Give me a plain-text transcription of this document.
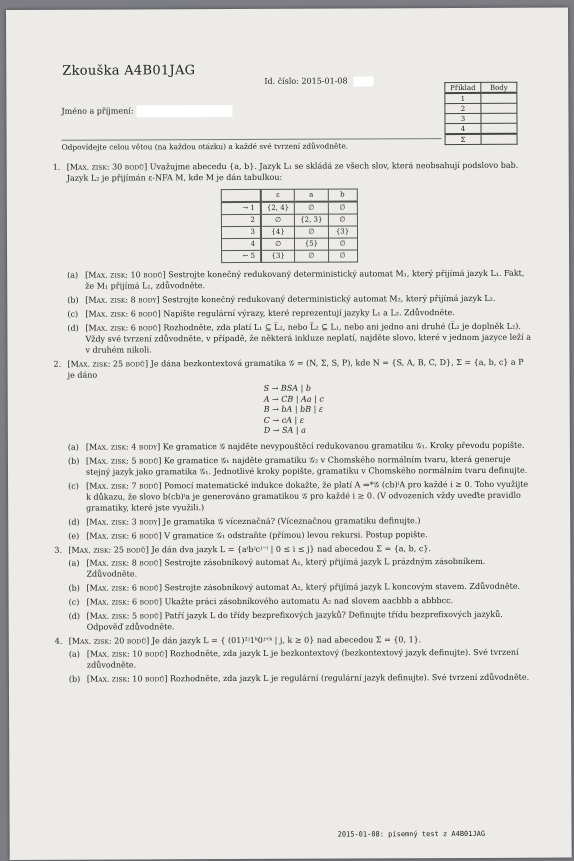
Zkouška A4B01JAG
Id. číslo: 2015-01-08
Jméno a příjmení:
Odpovídejte celou větou (na každou otázku) a každé své tvrzení zdůvodněte.
Příklad	Body
1	
2	
3	
4	
Σ	
1. [Max. zisk: 30 bodů] Uvažujme abecedu {a, b}. Jazyk L₁ se skládá ze všech slov, která neobsahují podslovo bab. Jazyk L₂ je přijímán ε-NFA M, kde M je dán tabulkou:
	ε	a	b
→ 1	{2, 4}	∅	∅
2	∅	{2, 3}	∅
3	{4}	∅	{3}
4	∅	{5}	∅
← 5	{3}	∅	∅
(a) [Max. zisk: 10 bodů] Sestrojte konečný redukovaný deterministický automat M₁, který přijímá jazyk L₁. Fakt, že M₁ přijímá L₁, zdůvodněte.
(b) [Max. zisk: 8 body] Sestrojte konečný redukovaný deterministický automat M₂, který přijímá jazyk L₂.
(c) [Max. zisk: 6 bodů] Napište regulární výrazy, které reprezentují jazyky L₁ a L₂. Zdůvodněte.
(d) [Max. zisk: 6 bodů] Rozhodněte, zda platí L₁ ⊆ L̅₂, nebo L̅₂ ⊆ L₁, nebo ani jedno ani druhé (L̅₂ je doplněk L₂). Vždy své tvrzení zdůvodněte, v případě, že některá inkluze neplatí, najděte slovo, které v jednom jazyce leží a v druhém nikoli.
2. [Max. zisk: 25 bodů] Je dána bezkontextová gramatika 𝒢 = (N, Σ, S, P), kde N = {S, A, B, C, D}, Σ = {a, b, c} a P je dáno
S → BSA | b
A → CB | Aa | c
B → bA | bB | ε
C → cA | ε
D → SA | a
(a) [Max. zisk: 4 body] Ke gramatice 𝒢 najděte nevypouštěcí redukovanou gramatiku 𝒢₁. Kroky převodu popište.
(b) [Max. zisk: 5 bodů] Ke gramatice 𝒢₁ najděte gramatiku 𝒢₂ v Chomského normálním tvaru, která generuje stejný jazyk jako gramatika 𝒢₁. Jednotlivé kroky popište, gramatiku v Chomského normálním tvaru definujte.
(c) [Max. zisk: 7 bodů] Pomocí matematické indukce dokažte, že platí A ⇒*𝒢 (cb)ⁱA pro každé i ≥ 0. Toho využijte k důkazu, že slovo b(cb)ⁱa je generováno gramatikou 𝒢 pro každé i ≥ 0. (V odvozeních vždy uveďte pravidlo gramatiky, které jste využili.)
(d) [Max. zisk: 3 body] Je gramatika 𝒢 víceznačná? (Víceznačnou gramatiku definujte.)
(e) [Max. zisk: 6 bodů] V gramatice 𝒢₁ odstraňte (přímou) levou rekursi. Postup popište.
3. [Max. zisk: 25 bodů] Je dán dva jazyk L = {aⁱbʲcʲ⁻ⁱ | 0 ≤ i ≤ j} nad abecedou Σ = {a, b, c}.
(a) [Max. zisk: 8 bodů] Sestrojte zásobníkový automat A₁, který přijímá jazyk L prázdným zásobníkem. Zdůvodněte.
(b) [Max. zisk: 6 bodů] Sestrojte zásobníkový automat A₂, který přijímá jazyk L koncovým stavem. Zdůvodněte.
(c) [Max. zisk: 6 bodů] Ukažte práci zásobníkového automatu A₂ nad slovem aacbbb a abbbcc.
(d) [Max. zisk: 5 bodů] Patří jazyk L do třídy bezprefixových jazyků? Definujte třídu bezprefixových jazyků. Odpověď zdůvodněte.
4. [Max. zisk: 20 bodů] Je dán jazyk L = { (01)²ʲ1ᵏ0ʲ⁺ᵏ | j, k ≥ 0} nad abecedou Σ = {0, 1}.
(a) [Max. zisk: 10 bodů] Rozhodněte, zda jazyk L je bezkontextový (bezkontextový jazyk definujte). Své tvrzení zdůvodněte.
(b) [Max. zisk: 10 bodů] Rozhodněte, zda jazyk L je regulární (regulární jazyk definujte). Své tvrzení zdůvodněte.
2015-01-08: písemný test z A4B01JAG
